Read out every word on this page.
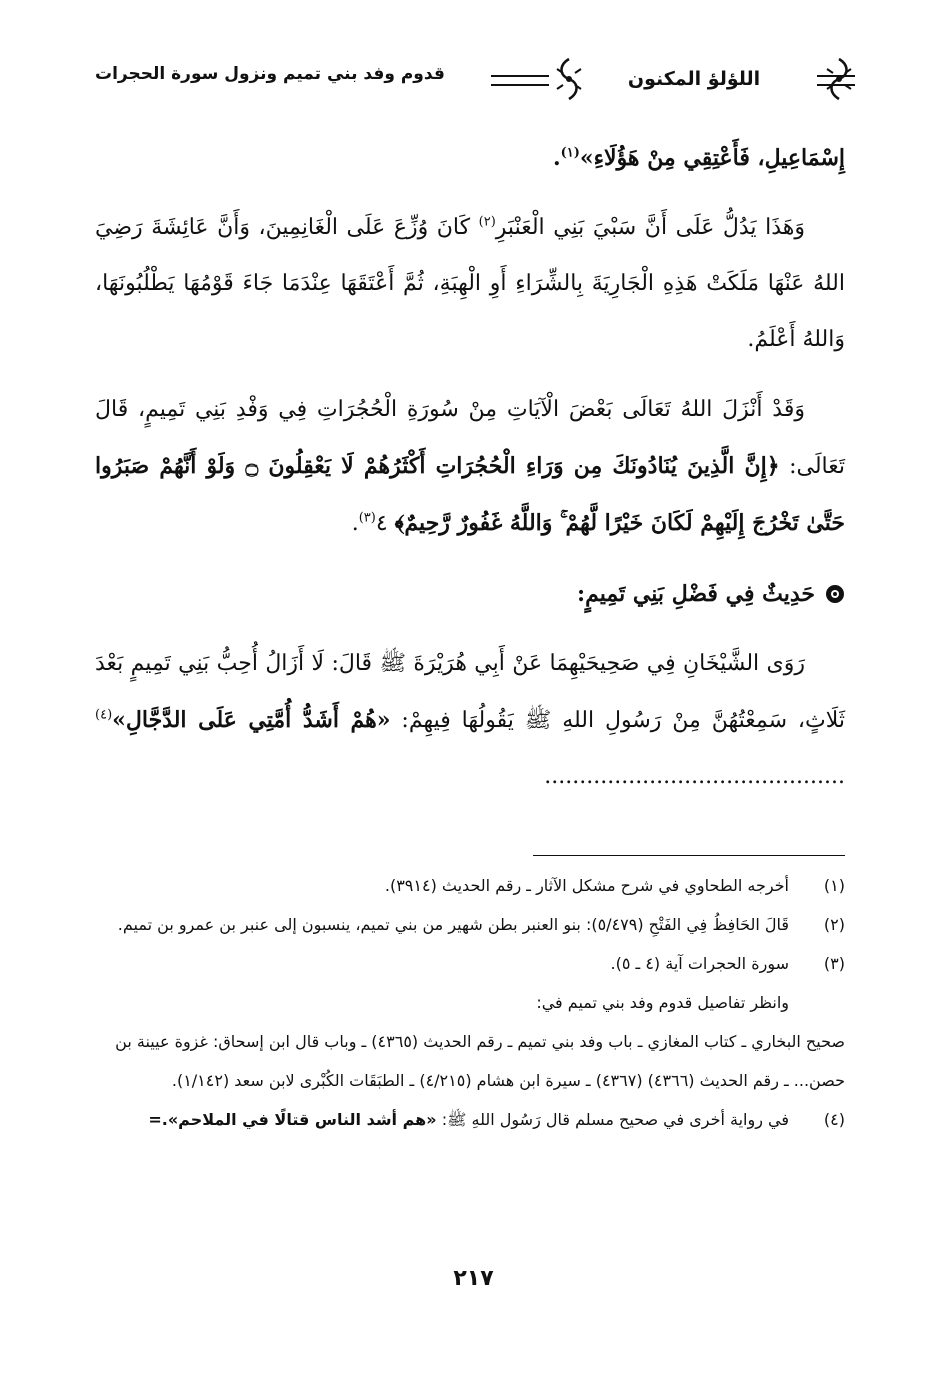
اللؤلؤ المكنون
قدوم وفد بني تميم ونزول سورة الحجرات

إِسْمَاعِيلِ، فَأَعْتِقِي مِنْ هَؤُلَاءِ»$^{(١)}$.

وَهَذَا يَدُلُّ عَلَى أَنَّ سَبْيَ بَنِي الْعَنْبَرِ$^{(٢)}$ كَانَ وُزِّعَ عَلَى الْغَانِمِينَ، وَأَنَّ عَائِشَةَ رَضِيَ اللهُ عَنْهَا مَلَكَتْ هَذِهِ الْجَارِيَةَ بِالشِّرَاءِ أَوِ الْهِبَةِ، ثُمَّ أَعْتَقَهَا عِنْدَمَا جَاءَ قَوْمُهَا يَطْلُبُونَهَا، وَاللهُ أَعْلَمُ.

وَقَدْ أَنْزَلَ اللهُ تَعَالَى بَعْضَ الْآيَاتِ مِنْ سُورَةِ الْحُجُرَاتِ فِي وَفْدِ بَنِي تَمِيمٍ، قَالَ تَعَالَى: ﴿إِنَّ الَّذِينَ يُنَادُونَكَ مِن وَرَاءِ الْحُجُرَاتِ أَكْثَرُهُمْ لَا يَعْقِلُونَ ۝ وَلَوْ أَنَّهُمْ صَبَرُوا حَتَّىٰ تَخْرُجَ إِلَيْهِمْ لَكَانَ خَيْرًا لَّهُمْ ۚ وَاللَّهُ غَفُورٌ رَّحِيمٌ﴾ ٤$^{(٣)}$.

حَدِيثٌ فِي فَضْلِ بَنِي تَمِيمٍ:

رَوَى الشَّيْخَانِ فِي صَحِيحَيْهِمَا عَنْ أَبِي هُرَيْرَةَ ﷺ قَالَ: لَا أَزَالُ أُحِبُّ بَنِي تَمِيمٍ بَعْدَ ثَلَاثٍ، سَمِعْتُهُنَّ مِنْ رَسُولِ اللهِ ﷺ يَقُولُهَا فِيهِمْ: «هُمْ أَشَدُّ أُمَّتِي عَلَى الدَّجَّالِ»$^{(٤)}$ ...........................................

(١)
أخرجه الطحاوي في شرح مشكل الآثار ـ رقم الحديث (٣٩١٤).
(٢)
قَالَ الحَافِظُ فِي الفَتْحِ (٥/٤٧٩): بنو العنبر بطن شهير من بني تميم، ينسبون إلى عنبر بن عمرو بن تميم.
(٣)
سورة الحجرات آية (٤ ـ ٥).
وانظر تفاصيل قدوم وفد بني تميم في:
صحيح البخاري ـ كتاب المغازي ـ باب وفد بني تميم ـ رقم الحديث (٤٣٦٥) ـ وباب قال ابن إسحاق: غزوة عيينة بن حصن... ـ رقم الحديث (٤٣٦٦) (٤٣٦٧) ـ سيرة ابن هشام (٤/٢١٥) ـ الطبَقَات الكُبْرى لابن سعد (١/١٤٢).
(٤)
في رواية أخرى في صحيح مسلم قال رَسُول اللهِ ﷺ: «هم أشد الناس قتالًا في الملاحم».=
٢١٧
